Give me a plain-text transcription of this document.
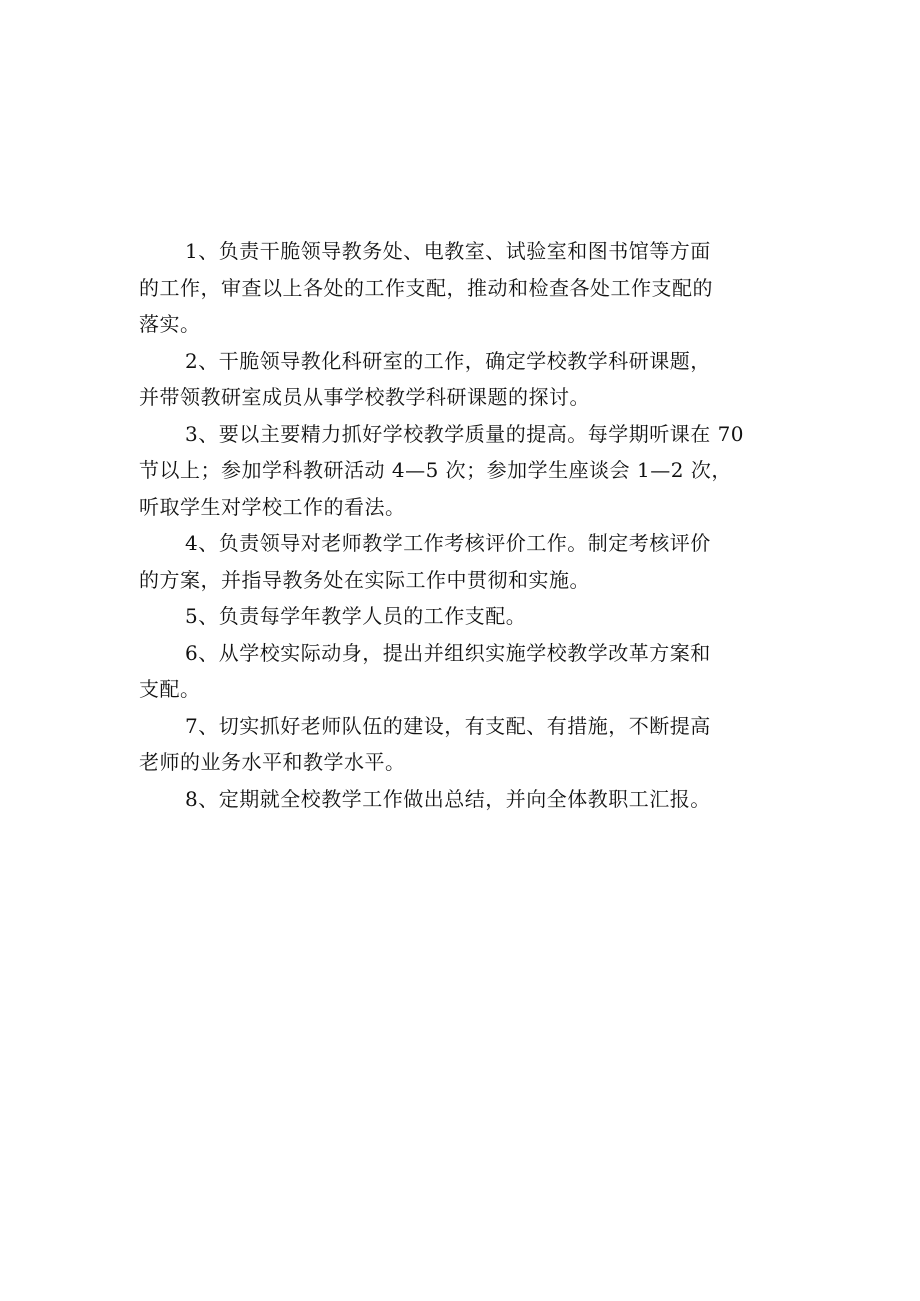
1、负责干脆领导教务处、电教室、试验室和图书馆等方面
的工作，审查以上各处的工作支配，推动和检查各处工作支配的
落实。

2、干脆领导教化科研室的工作，确定学校教学科研课题，
并带领教研室成员从事学校教学科研课题的探讨。

3、要以主要精力抓好学校教学质量的提高。每学期听课在 70
节以上；参加学科教研活动 4—5 次；参加学生座谈会 1—2 次，
听取学生对学校工作的看法。

4、负责领导对老师教学工作考核评价工作。制定考核评价
的方案，并指导教务处在实际工作中贯彻和实施。

5、负责每学年教学人员的工作支配。

6、从学校实际动身，提出并组织实施学校教学改革方案和
支配。

7、切实抓好老师队伍的建设，有支配、有措施，不断提高
老师的业务水平和教学水平。

8、定期就全校教学工作做出总结，并向全体教职工汇报。
